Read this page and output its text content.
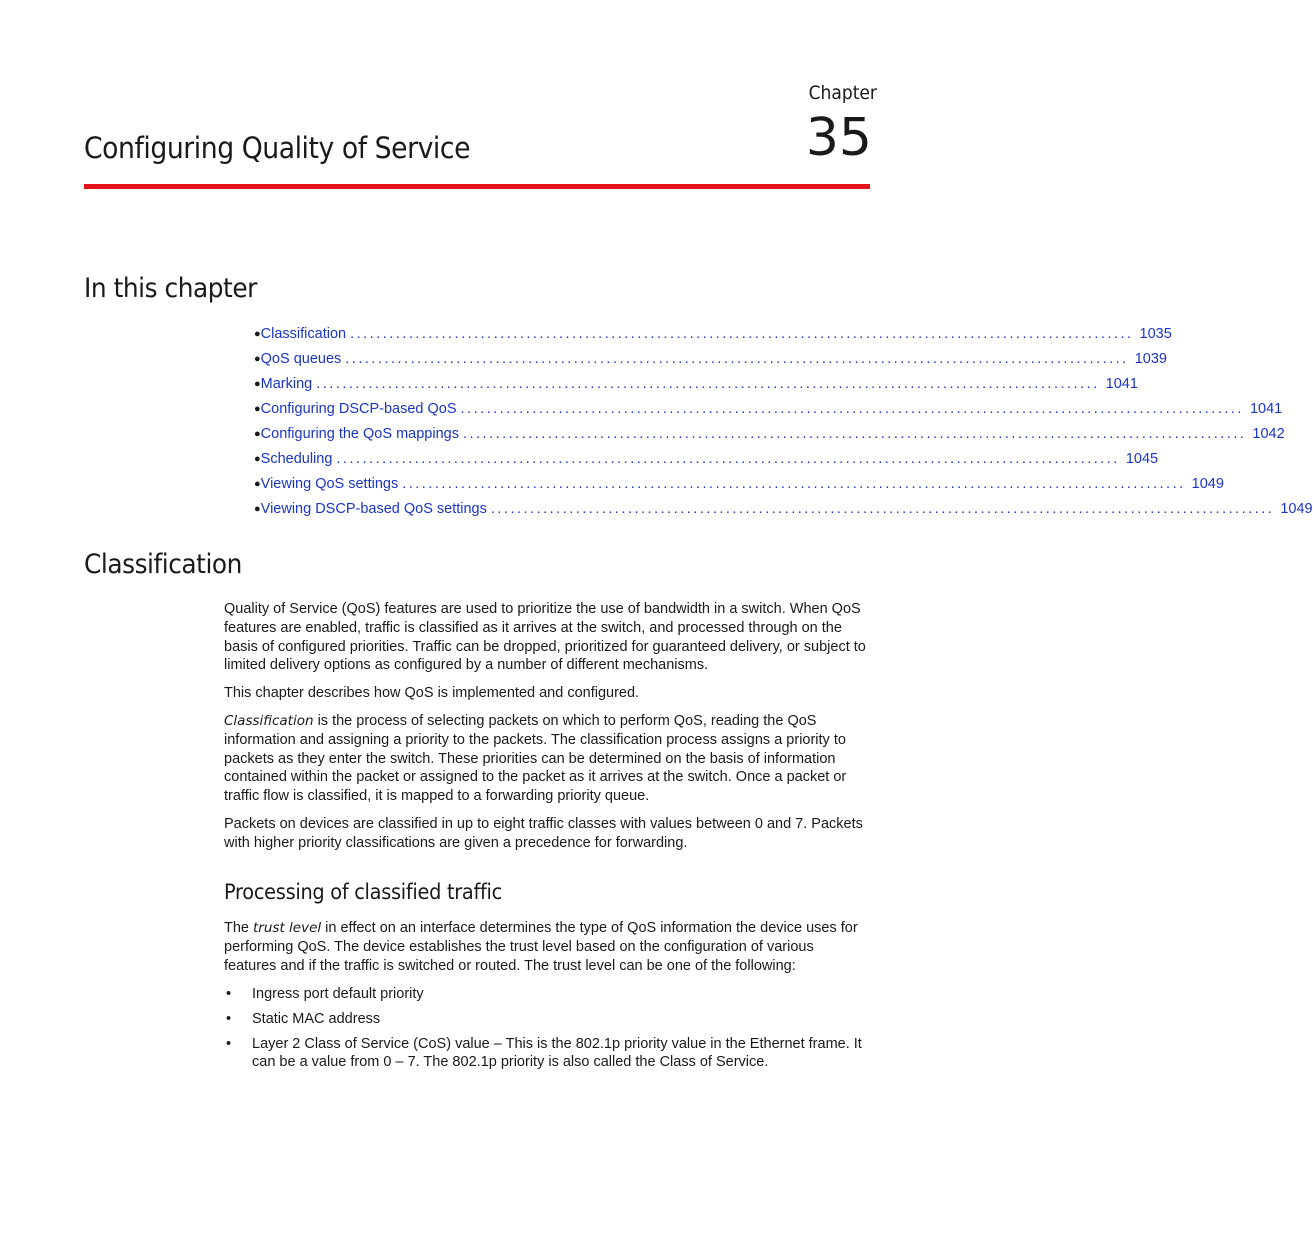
Chapter
35
Configuring Quality of Service
In this chapter
● Classification ........................................................................................................................ 1035
● QoS queues ........................................................................................................................ 1039
● Marking ........................................................................................................................ 1041
● Configuring DSCP-based QoS ........................................................................................................................ 1041
● Configuring the QoS mappings ........................................................................................................................ 1042
● Scheduling ........................................................................................................................ 1045
● Viewing QoS settings ........................................................................................................................ 1049
● Viewing DSCP-based QoS settings ........................................................................................................................ 1049
Classification

Quality of Service (QoS) features are used to prioritize the use of bandwidth in a switch. When QoS features are enabled, traffic is classified as it arrives at the switch, and processed through on the basis of configured priorities. Traffic can be dropped, prioritized for guaranteed delivery, or subject to limited delivery options as configured by a number of different mechanisms.

This chapter describes how QoS is implemented and configured.

Classification is the process of selecting packets on which to perform QoS, reading the QoS information and assigning a priority to the packets. The classification process assigns a priority to packets as they enter the switch. These priorities can be determined on the basis of information contained within the packet or assigned to the packet as it arrives at the switch. Once a packet or traffic flow is classified, it is mapped to a forwarding priority queue.

Packets on devices are classified in up to eight traffic classes with values between 0 and 7. Packets with higher priority classifications are given a precedence for forwarding.

Processing of classified traffic

The trust level in effect on an interface determines the type of QoS information the device uses for performing QoS. The device establishes the trust level based on the configuration of various features and if the traffic is switched or routed. The trust level can be one of the following:

• Ingress port default priority
• Static MAC address
• Layer 2 Class of Service (CoS) value – This is the 802.1p priority value in the Ethernet frame. It can be a value from 0 – 7. The 802.1p priority is also called the Class of Service.
